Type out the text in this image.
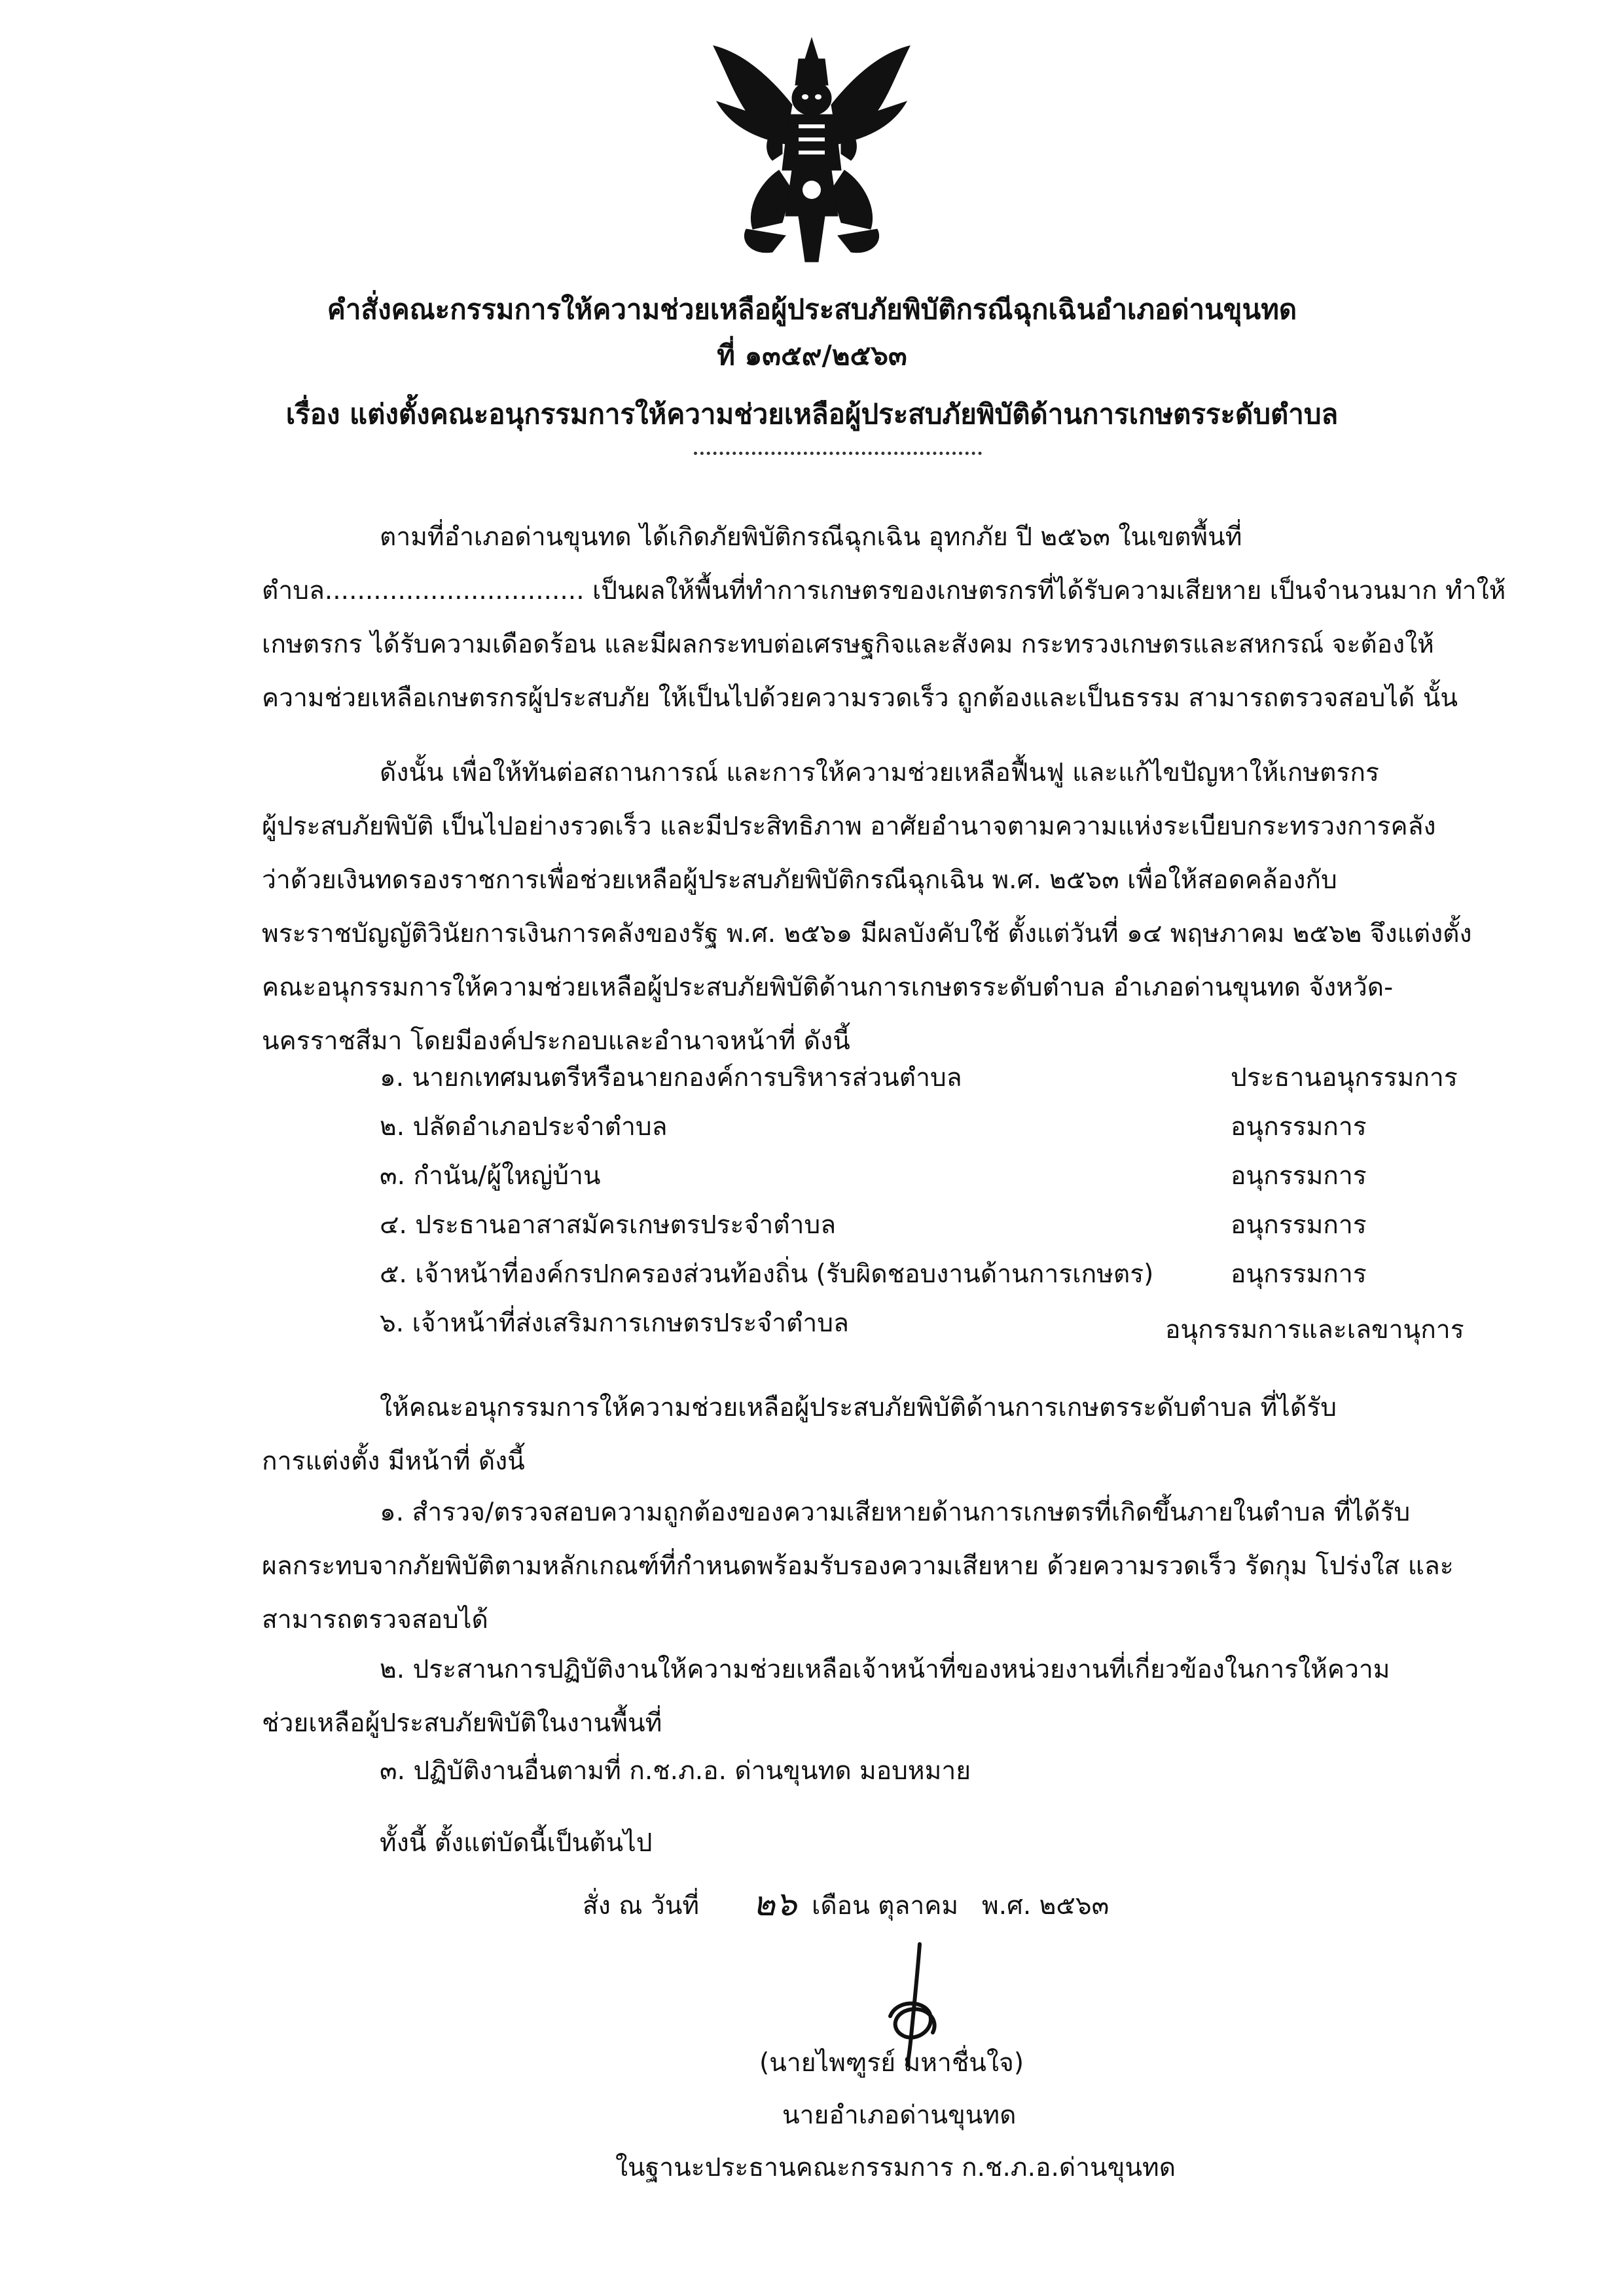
คำสั่งคณะกรรมการให้ความช่วยเหลือผู้ประสบภัยพิบัติกรณีฉุกเฉินอำเภอด่านขุนทด
ที่ ๑๓๕๙/๒๕๖๓
เรื่อง แต่งตั้งคณะอนุกรรมการให้ความช่วยเหลือผู้ประสบภัยพิบัติด้านการเกษตรระดับตำบล
ตามที่อำเภอด่านขุนทด ได้เกิดภัยพิบัติกรณีฉุกเฉิน อุทกภัย ปี ๒๕๖๓ ในเขตพื้นที่
ตำบล................................ เป็นผลให้พื้นที่ทำการเกษตรของเกษตรกรที่ได้รับความเสียหาย เป็นจำนวนมาก ทำให้
เกษตรกร ได้รับความเดือดร้อน และมีผลกระทบต่อเศรษฐกิจและสังคม กระทรวงเกษตรและสหกรณ์ จะต้องให้
ความช่วยเหลือเกษตรกรผู้ประสบภัย ให้เป็นไปด้วยความรวดเร็ว ถูกต้องและเป็นธรรม สามารถตรวจสอบได้ นั้น
ดังนั้น เพื่อให้ทันต่อสถานการณ์ และการให้ความช่วยเหลือฟื้นฟู และแก้ไขปัญหาให้เกษตรกร
ผู้ประสบภัยพิบัติ เป็นไปอย่างรวดเร็ว และมีประสิทธิภาพ อาศัยอำนาจตามความแห่งระเบียบกระทรวงการคลัง
ว่าด้วยเงินทดรองราชการเพื่อช่วยเหลือผู้ประสบภัยพิบัติกรณีฉุกเฉิน พ.ศ. ๒๕๖๓ เพื่อให้สอดคล้องกับ
พระราชบัญญัติวินัยการเงินการคลังของรัฐ พ.ศ. ๒๕๖๑ มีผลบังคับใช้ ตั้งแต่วันที่ ๑๔ พฤษภาคม ๒๕๖๒ จึงแต่งตั้ง
คณะอนุกรรมการให้ความช่วยเหลือผู้ประสบภัยพิบัติด้านการเกษตรระดับตำบล อำเภอด่านขุนทด จังหวัด-
นครราชสีมา โดยมีองค์ประกอบและอำนาจหน้าที่ ดังนี้
๑. นายกเทศมนตรีหรือนายกองค์การบริหารส่วนตำบล	ประธานอนุกรรมการ
๒. ปลัดอำเภอประจำตำบล	อนุกรรมการ
๓. กำนัน/ผู้ใหญ่บ้าน	อนุกรรมการ
๔. ประธานอาสาสมัครเกษตรประจำตำบล	อนุกรรมการ
๕. เจ้าหน้าที่องค์กรปกครองส่วนท้องถิ่น (รับผิดชอบงานด้านการเกษตร)	อนุกรรมการ
๖. เจ้าหน้าที่ส่งเสริมการเกษตรประจำตำบล	อนุกรรมการและเลขานุการ
ให้คณะอนุกรรมการให้ความช่วยเหลือผู้ประสบภัยพิบัติด้านการเกษตรระดับตำบล ที่ได้รับ
การแต่งตั้ง มีหน้าที่ ดังนี้
๑. สำรวจ/ตรวจสอบความถูกต้องของความเสียหายด้านการเกษตรที่เกิดขึ้นภายในตำบล ที่ได้รับ
ผลกระทบจากภัยพิบัติตามหลักเกณฑ์ที่กำหนดพร้อมรับรองความเสียหาย ด้วยความรวดเร็ว รัดกุม โปร่งใส และ
สามารถตรวจสอบได้
๒. ประสานการปฏิบัติงานให้ความช่วยเหลือเจ้าหน้าที่ของหน่วยงานที่เกี่ยวข้องในการให้ความ
ช่วยเหลือผู้ประสบภัยพิบัติในงานพื้นที่
๓. ปฏิบัติงานอื่นตามที่ ก.ช.ภ.อ. ด่านขุนทด มอบหมาย
ทั้งนี้ ตั้งแต่บัดนี้เป็นต้นไป
สั่ง ณ วันที่ ๒๖ เดือน ตุลาคม พ.ศ. ๒๕๖๓
(นายไพฑูรย์ มหาชื่นใจ)
นายอำเภอด่านขุนทด
ในฐานะประธานคณะกรรมการ ก.ช.ภ.อ.ด่านขุนทด
